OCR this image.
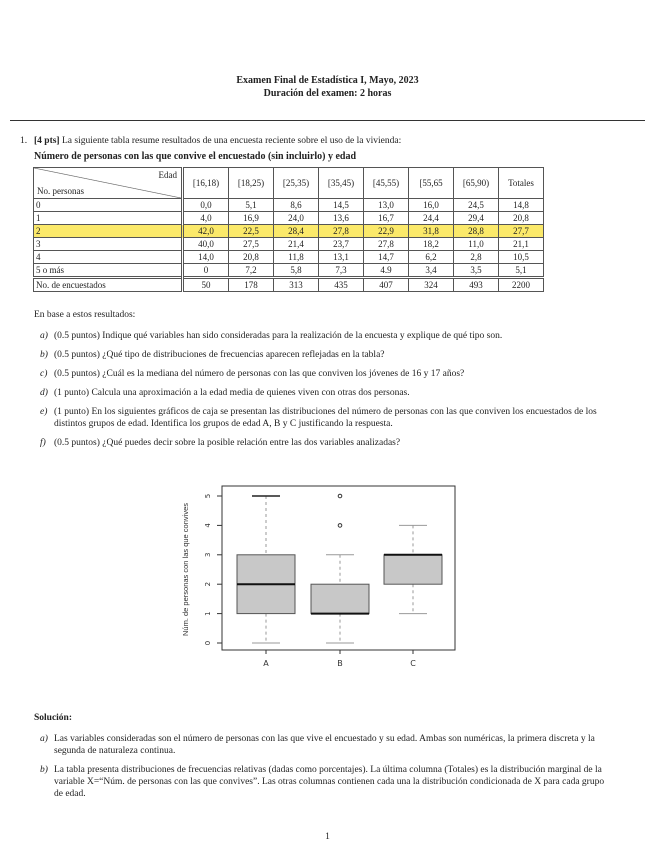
Examen Final de Estadística I, Mayo, 2023
Duración del examen: 2 horas
1. [4 pts] La siguiente tabla resume resultados de una encuesta reciente sobre el uso de la vivienda:
Número de personas con las que convive el encuestado (sin incluirlo) y edad
Edad
No. personas	[16,18)	[18,25)	[25,35)	[35,45)	[45,55)	[55,65	[65,90)	Totales
0	0,0	5,1	8,6	14,5	13,0	16,0	24,5	14,8
1	4,0	16,9	24,0	13,6	16,7	24,4	29,4	20,8
2	42,0	22,5	28,4	27,8	22,9	31,8	28,8	27,7
3	40,0	27,5	21,4	23,7	27,8	18,2	11,0	21,1
4	14,0	20,8	11,8	13,1	14,7	6,2	2,8	10,5
5 o más	0	7,2	5,8	7,3	4.9	3,4	3,5	5,1
No. de encuestados	50	178	313	435	407	324	493	2200
En base a estos resultados:
a) (0.5 puntos) Indique qué variables han sido consideradas para la realización de la encuesta y explique de qué tipo son.
b) (0.5 puntos) ¿Qué tipo de distribuciones de frecuencias aparecen reflejadas en la tabla?
c) (0.5 puntos) ¿Cuál es la mediana del número de personas con las que conviven los jóvenes de 16 y 17 años?
d) (1 punto) Calcula una aproximación a la edad media de quienes viven con otras dos personas.
e) (1 punto) En los siguientes gráficos de caja se presentan las distribuciones del número de personas con las que conviven los encuestados de los distintos grupos de edad. Identifica los grupos de edad A, B y C justificando la respuesta.
f) (0.5 puntos) ¿Qué puedes decir sobre la posible relación entre las dos variables analizadas?
0
1
2
3
4
5
Núm. de personas con las que convives
A	B	C
Solución:
a) Las variables consideradas son el número de personas con las que vive el encuestado y su edad. Ambas son numéricas, la primera discreta y la segunda de naturaleza continua.
b) La tabla presenta distribuciones de frecuencias relativas (dadas como porcentajes). La última columna (Totales) es la distribución marginal de la variable X=“Núm. de personas con las que convives”. Las otras columnas contienen cada una la distribución condicionada de X para cada grupo de edad.
1
